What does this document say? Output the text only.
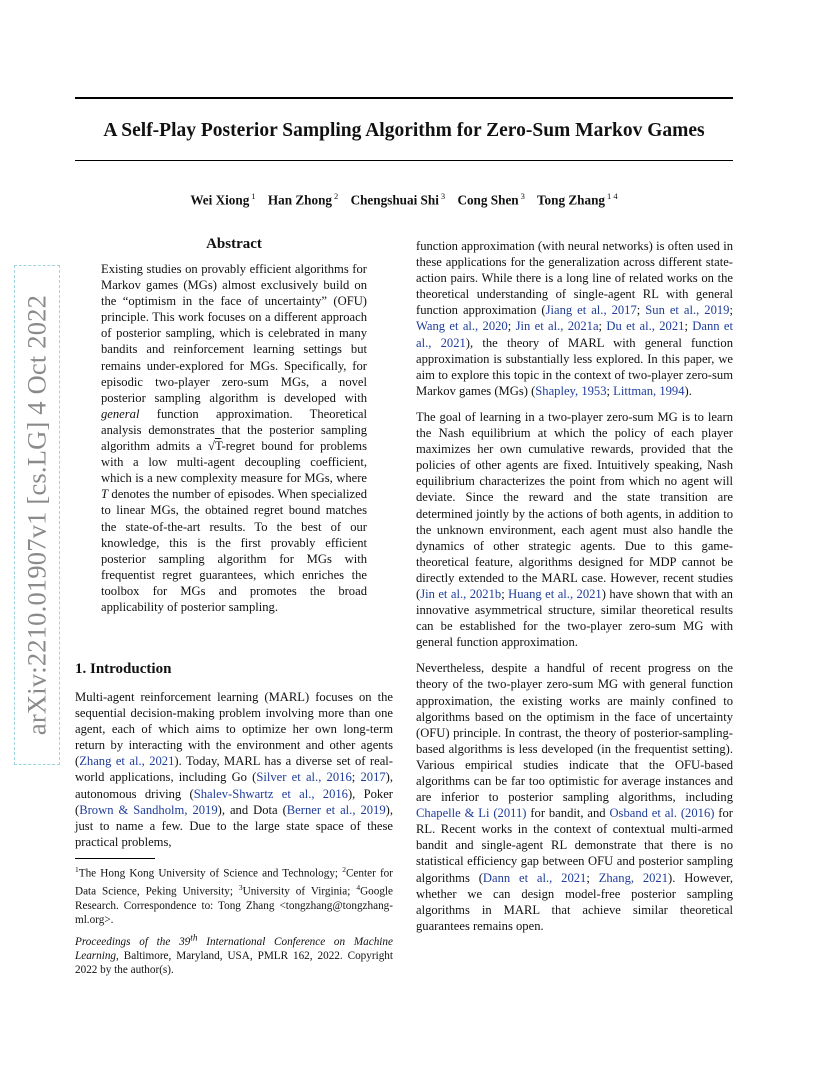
A Self-Play Posterior Sampling Algorithm for Zero-Sum Markov Games
Wei Xiong $^1$ Han Zhong $^2$ Chengshuai Shi $^3$ Cong Shen $^3$ Tong Zhang $^{1 4}$
arXiv:2210.01907v1 [cs.LG] 4 Oct 2022
Abstract
Existing studies on provably efficient algorithms for Markov games (MGs) almost exclusively build on the “optimism in the face of uncertainty” (OFU) principle. This work focuses on a different approach of posterior sampling, which is celebrated in many bandits and reinforcement learning settings but remains under-explored for MGs. Specifically, for episodic two-player zero-sum MGs, a novel posterior sampling algorithm is developed with general function approximation. Theoretical analysis demonstrates that the posterior sampling algorithm admits a √T-regret bound for problems with a low multi-agent decoupling coefficient, which is a new complexity measure for MGs, where T denotes the number of episodes. When specialized to linear MGs, the obtained regret bound matches the state-of-the-art results. To the best of our knowledge, this is the first provably efficient posterior sampling algorithm for MGs with frequentist regret guarantees, which enriches the toolbox for MGs and promotes the broad applicability of posterior sampling.
1. Introduction

Multi-agent reinforcement learning (MARL) focuses on the sequential decision-making problem involving more than one agent, each of which aims to optimize her own long-term return by interacting with the environment and other agents (Zhang et al., 2021). Today, MARL has a diverse set of real-world applications, including Go (Silver et al., 2016; 2017), autonomous driving (Shalev-Shwartz et al., 2016), Poker (Brown & Sandholm, 2019), and Dota (Berner et al., 2019), just to name a few. Due to the large state space of these practical problems,

$^1$The Hong Kong University of Science and Technology; $^2$Center for Data Science, Peking University; $^3$University of Virginia; $^4$Google Research. Correspondence to: Tong Zhang <tongzhang@tongzhang-ml.org>.
Proceedings of the 39th International Conference on Machine Learning, Baltimore, Maryland, USA, PMLR 162, 2022. Copyright 2022 by the author(s).

function approximation (with neural networks) is often used in these applications for the generalization across different state-action pairs. While there is a long line of related works on the theoretical understanding of single-agent RL with general function approximation (Jiang et al., 2017; Sun et al., 2019; Wang et al., 2020; Jin et al., 2021a; Du et al., 2021; Dann et al., 2021), the theory of MARL with general function approximation is substantially less explored. In this paper, we aim to explore this topic in the context of two-player zero-sum Markov games (MGs) (Shapley, 1953; Littman, 1994).

The goal of learning in a two-player zero-sum MG is to learn the Nash equilibrium at which the policy of each player maximizes her own cumulative rewards, provided that the policies of other agents are fixed. Intuitively speaking, Nash equilibrium characterizes the point from which no agent will deviate. Since the reward and the state transition are determined jointly by the actions of both agents, in addition to the unknown environment, each agent must also handle the dynamics of other strategic agents. Due to this game-theoretical feature, algorithms designed for MDP cannot be directly extended to the MARL case. However, recent studies (Jin et al., 2021b; Huang et al., 2021) have shown that with an innovative asymmetrical structure, similar theoretical results can be established for the two-player zero-sum MG with general function approximation.

Nevertheless, despite a handful of recent progress on the theory of the two-player zero-sum MG with general function approximation, the existing works are mainly confined to algorithms based on the optimism in the face of uncertainty (OFU) principle. In contrast, the theory of posterior-sampling-based algorithms is less developed (in the frequentist setting). Various empirical studies indicate that the OFU-based algorithms can be far too optimistic for average instances and are inferior to posterior sampling algorithms, including Chapelle & Li (2011) for bandit, and Osband et al. (2016) for RL. Recent works in the context of contextual multi-armed bandit and single-agent RL demonstrate that there is no statistical efficiency gap between OFU and posterior sampling algorithms (Dann et al., 2021; Zhang, 2021). However, whether we can design model-free posterior sampling algorithms in MARL that achieve similar theoretical guarantees remains open.
